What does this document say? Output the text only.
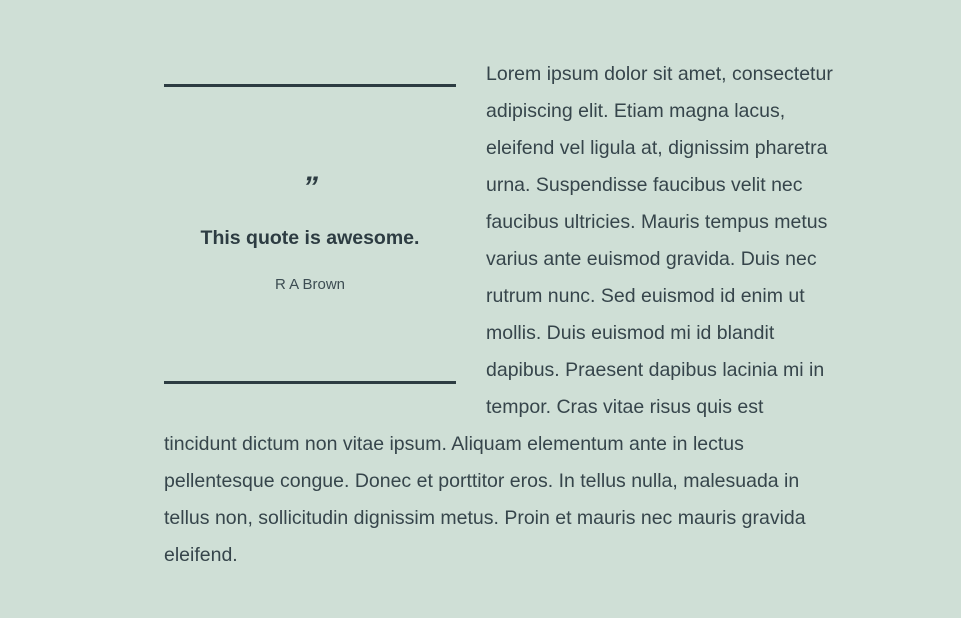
”
This quote is awesome.
R A Brown

Lorem ipsum dolor sit amet, consectetur adipiscing elit. Etiam magna lacus, eleifend vel ligula at, dignissim pharetra urna. Suspendisse faucibus velit nec faucibus ultricies. Mauris tempus metus varius ante euismod gravida. Duis nec rutrum nunc. Sed euismod id enim ut mollis. Duis euismod mi id blandit dapibus. Praesent dapibus lacinia mi in tempor. Cras vitae risus quis est tincidunt dictum non vitae ipsum. Aliquam elementum ante in lectus pellentesque congue. Donec et porttitor eros. In tellus nulla, malesuada in tellus non, sollicitudin dignissim metus. Proin et mauris nec mauris gravida eleifend.
